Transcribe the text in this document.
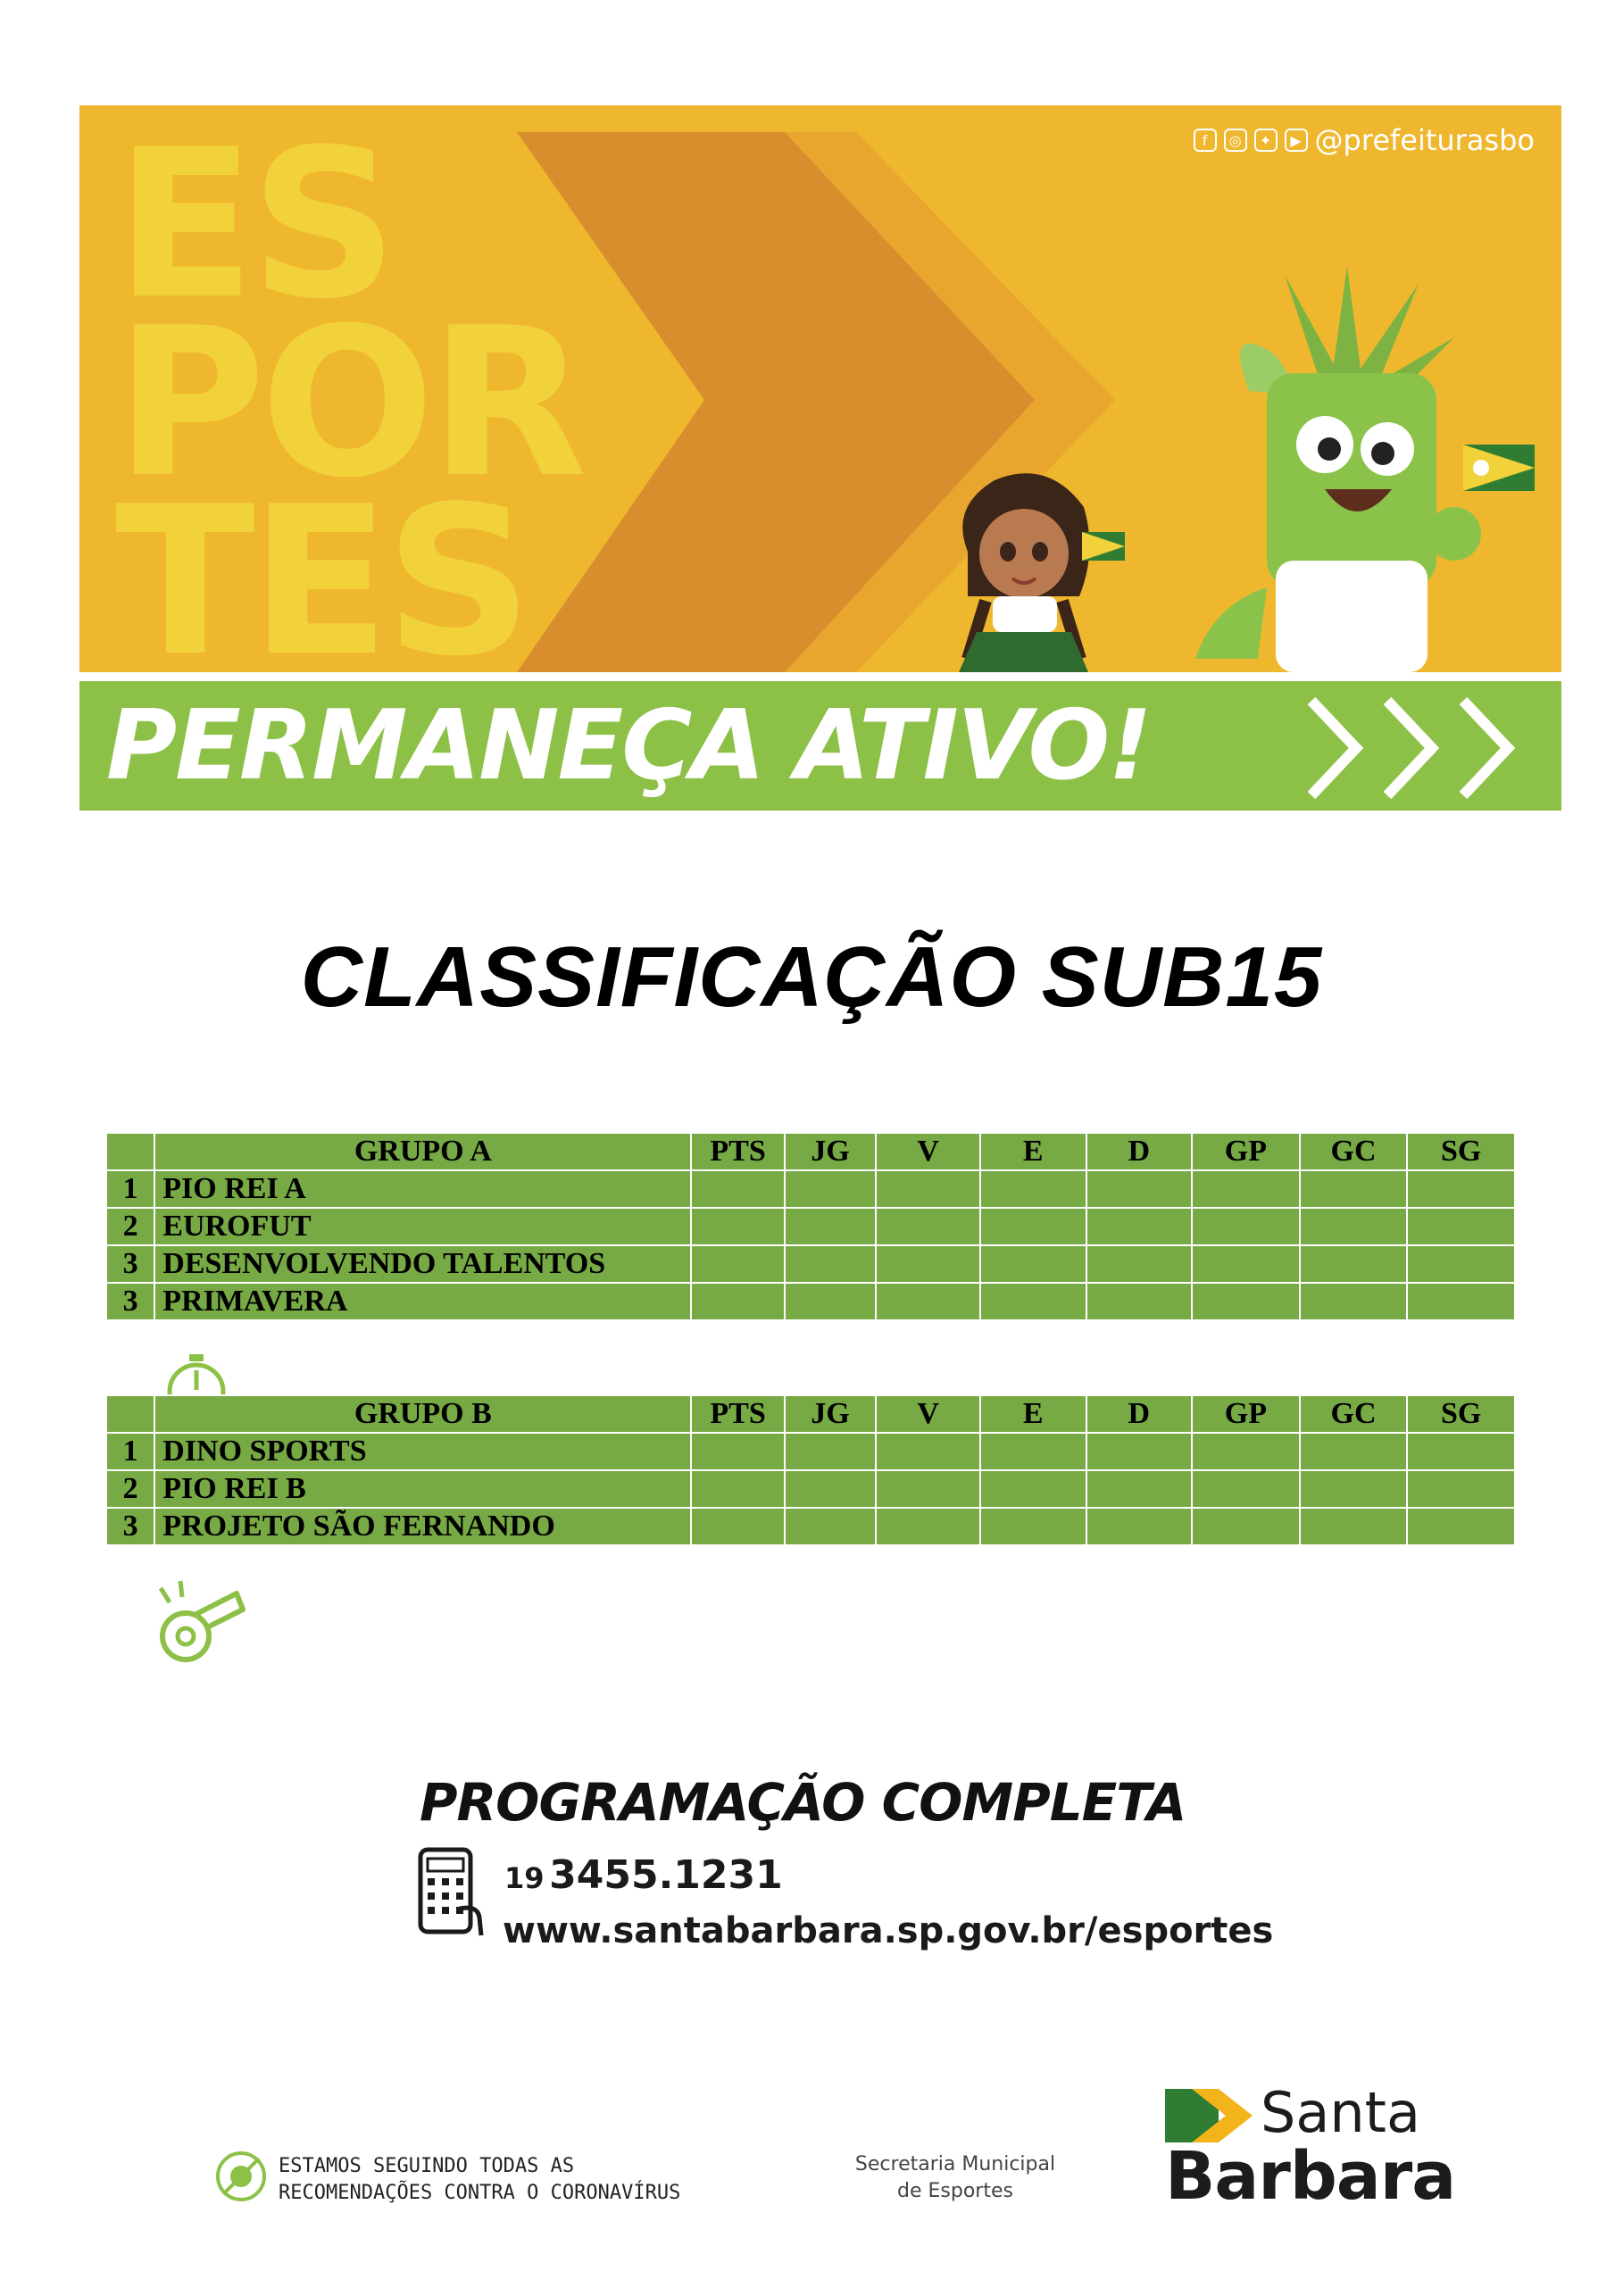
ES
POR
TES
f	◎	✦	▶ @prefeiturasbo
PERMANEÇA ATIVO!
CLASSIFICAÇÃO SUB15
	GRUPO A	PTS	JG	V	E	D	GP	GC	SG
1	PIO REI A								
2	EUROFUT								
3	DESENVOLVENDO TALENTOS								
3	PRIMAVERA								
	GRUPO B	PTS	JG	V	E	D	GP	GC	SG
1	DINO SPORTS								
2	PIO REI B								
3	PROJETO SÃO FERNANDO								
PROGRAMAÇÃO COMPLETA
19 3455.1231
www.santabarbara.sp.gov.br/esportes
ESTAMOS SEGUINDO TODAS AS
RECOMENDAÇÕES CONTRA O CORONAVÍRUS
Secretaria Municipal
de Esportes
Santa
Barbara
